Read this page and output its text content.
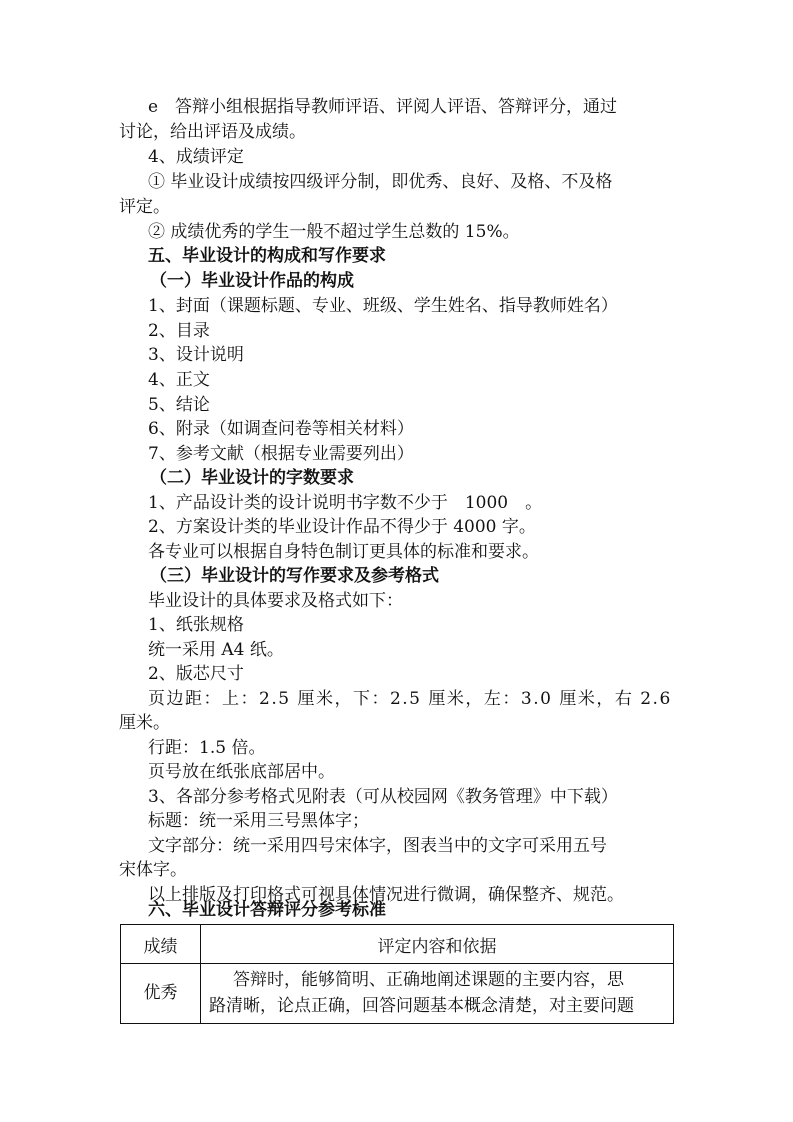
e　答辩小组根据指导教师评语、评阅人评语、答辩评分，通过
讨论，给出评语及成绩。
4、成绩评定
① 毕业设计成绩按四级评分制，即优秀、良好、及格、不及格
评定。
② 成绩优秀的学生一般不超过学生总数的 15%。
五、毕业设计的构成和写作要求
（一）毕业设计作品的构成
1、封面（课题标题、专业、班级、学生姓名、指导教师姓名）
2、目录
3、设计说明
4、正文
5、结论
6、附录（如调查问卷等相关材料）
7、参考文献（根据专业需要列出）
（二）毕业设计的字数要求
1、产品设计类的设计说明书字数不少于　1000　。
2、方案设计类的毕业设计作品不得少于 4000 字。
各专业可以根据自身特色制订更具体的标准和要求。
（三）毕业设计的写作要求及参考格式
毕业设计的具体要求及格式如下：
1、纸张规格
统一采用 A4 纸。
2、版芯尺寸
页边距：上：2.5 厘米，下：2.5 厘米，左：3.0 厘米，右 2.6
厘米。
行距：1.5 倍。
页号放在纸张底部居中。
3、各部分参考格式见附表（可从校园网《教务管理》中下载）
标题：统一采用三号黑体字；
文字部分：统一采用四号宋体字，图表当中的文字可采用五号
宋体字。
以上排版及打印格式可视具体情况进行微调，确保整齐、规范。
六、毕业设计答辩评分参考标准
成绩	评定内容和依据
优秀	答辩时，能够简明、正确地阐述课题的主要内容，思
路清晰，论点正确，回答问题基本概念清楚，对主要问题
